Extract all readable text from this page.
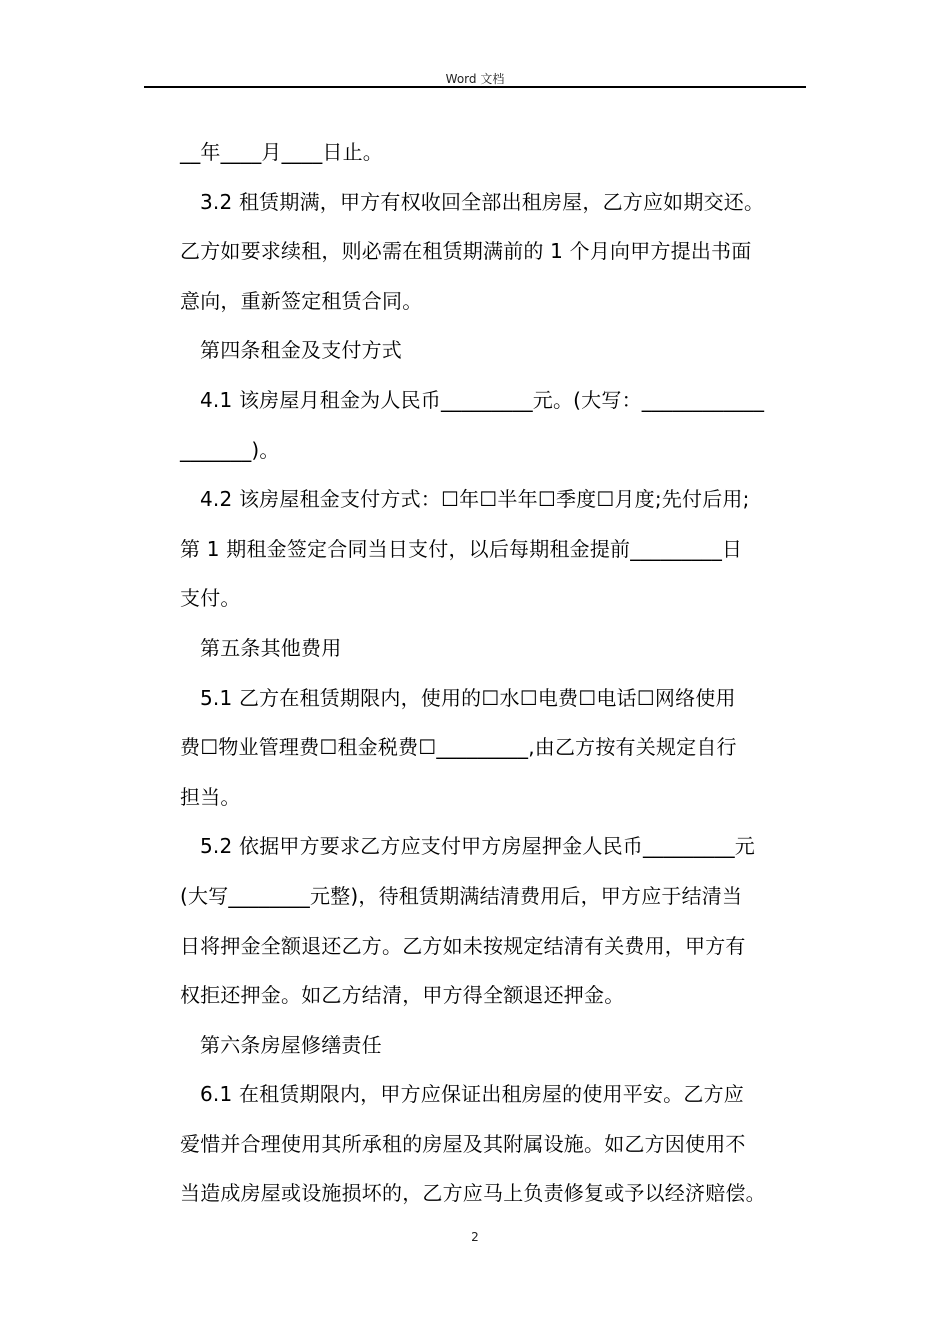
Word 文档
__年____月____日止。
3.2 租赁期满，甲方有权收回全部出租房屋，乙方应如期交还。
乙方如要求续租，则必需在租赁期满前的 1 个月向甲方提出书面
意向，重新签定租赁合同。
第四条租金及支付方式
4.1 该房屋月租金为人民币_________元。(大写：____________
_______)。
4.2 该房屋租金支付方式：☐年☐半年☐季度☐月度;先付后用;
第 1 期租金签定合同当日支付，以后每期租金提前_________日
支付。
第五条其他费用
5.1 乙方在租赁期限内，使用的☐水☐电费☐电话☐网络使用
费☐物业管理费☐租金税费☐_________,由乙方按有关规定自行
担当。
5.2 依据甲方要求乙方应支付甲方房屋押金人民币_________元
(大写________元整)，待租赁期满结清费用后，甲方应于结清当
日将押金全额退还乙方。乙方如未按规定结清有关费用，甲方有
权拒还押金。如乙方结清，甲方得全额退还押金。
第六条房屋修缮责任
6.1 在租赁期限内，甲方应保证出租房屋的使用平安。乙方应
爱惜并合理使用其所承租的房屋及其附属设施。如乙方因使用不
当造成房屋或设施损坏的，乙方应马上负责修复或予以经济赔偿。
2
